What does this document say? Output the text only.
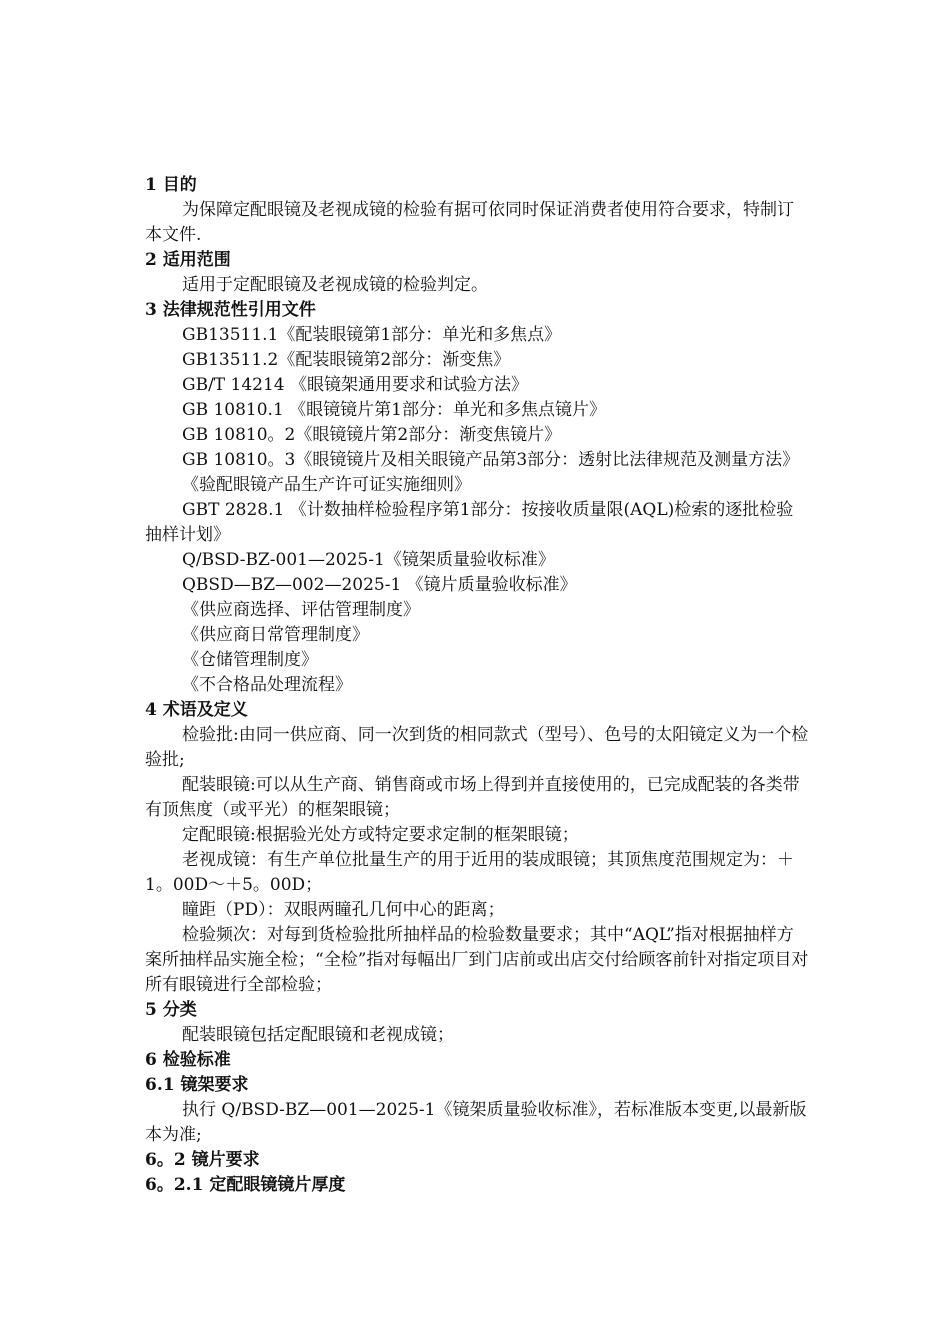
1 目的
为保障定配眼镜及老视成镜的检验有据可依同时保证消费者使用符合要求，特制订本文件.
2 适用范围
适用于定配眼镜及老视成镜的检验判定。
3 法律规范性引用文件
GB13511.1《配装眼镜第1部分：单光和多焦点》
GB13511.2《配装眼镜第2部分：渐变焦》
GB/T 14214 《眼镜架通用要求和试验方法》
GB 10810.1 《眼镜镜片第1部分：单光和多焦点镜片》
GB 10810。2《眼镜镜片第2部分：渐变焦镜片》
GB 10810。3《眼镜镜片及相关眼镜产品第3部分：透射比法律规范及测量方法》
《验配眼镜产品生产许可证实施细则》
GBT 2828.1 《计数抽样检验程序第1部分：按接收质量限(AQL)检索的逐批检验抽样计划》
Q/BSD-BZ-001—2025-1《镜架质量验收标准》
QBSD—BZ—002—2025-1 《镜片质量验收标准》
《供应商选择、评估管理制度》
《供应商日常管理制度》
《仓储管理制度》
《不合格品处理流程》
4 术语及定义
检验批:由同一供应商、同一次到货的相同款式（型号）、色号的太阳镜定义为一个检验批;
配装眼镜:可以从生产商、销售商或市场上得到并直接使用的，已完成配装的各类带有顶焦度（或平光）的框架眼镜；
定配眼镜:根据验光处方或特定要求定制的框架眼镜；
老视成镜：有生产单位批量生产的用于近用的装成眼镜；其顶焦度范围规定为：＋1。00D～＋5。00D；
瞳距（PD）：双眼两瞳孔几何中心的距离；
检验频次：对每到货检验批所抽样品的检验数量要求；其中“AQL”指对根据抽样方案所抽样品实施全检；“全检”指对每幅出厂到门店前或出店交付给顾客前针对指定项目对所有眼镜进行全部检验；
5 分类
配装眼镜包括定配眼镜和老视成镜；
6 检验标准
6.1 镜架要求
执行 Q/BSD-BZ—001—2025-1《镜架质量验收标准》，若标准版本变更,以最新版本为准;
6。2 镜片要求
6。2.1 定配眼镜镜片厚度
